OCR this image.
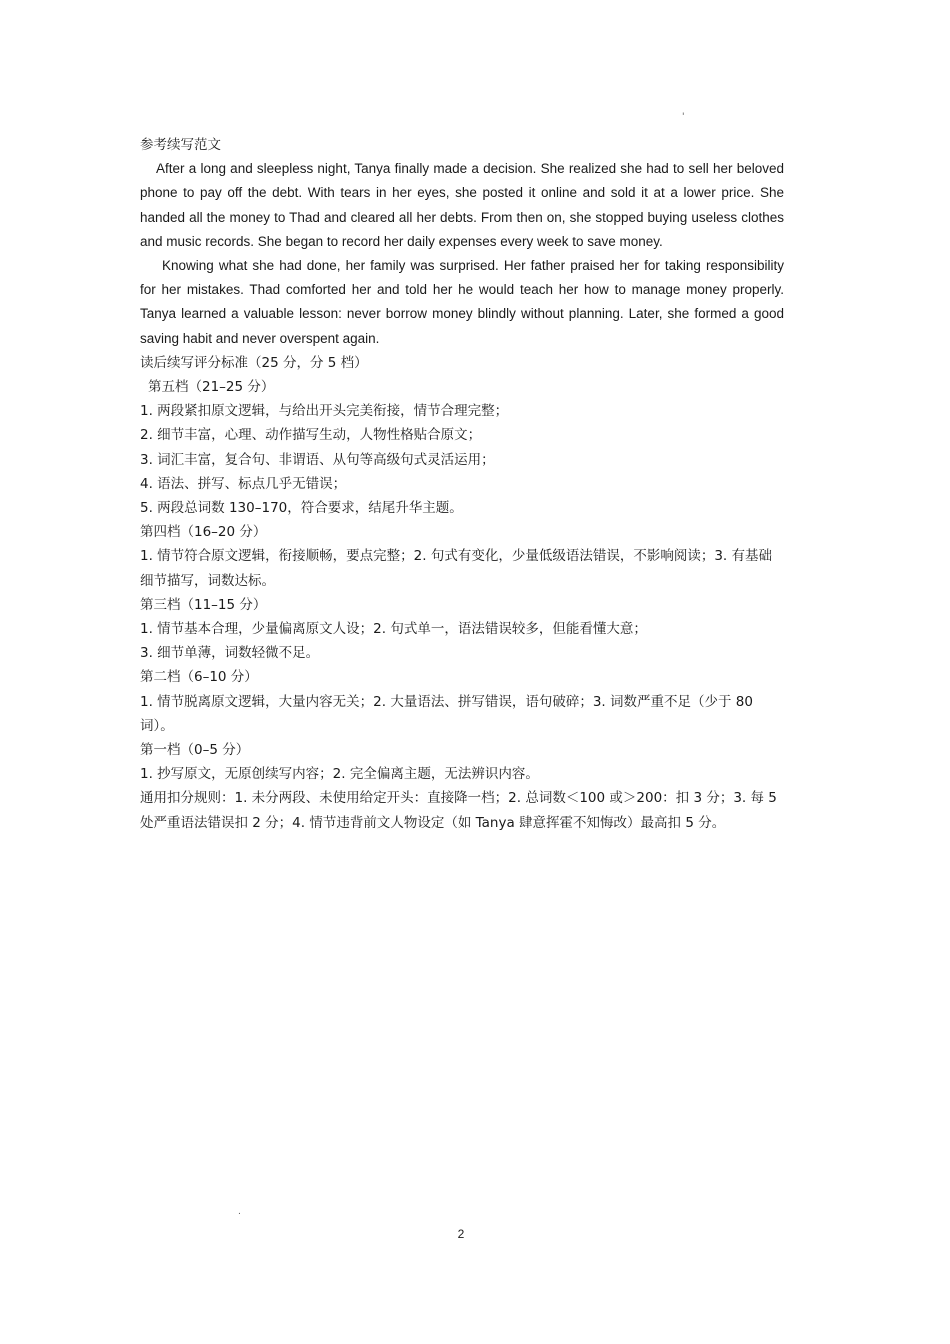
'

参考续写范文

After a long and sleepless night, Tanya finally made a decision. She realized she had to sell her beloved phone to pay off the debt. With tears in her eyes, she posted it online and sold it at a lower price. She handed all the money to Thad and cleared all her debts. From then on, she stopped buying useless clothes and music records. She began to record her daily expenses every week to save money.

Knowing what she had done, her family was surprised. Her father praised her for taking responsibility for her mistakes. Thad comforted her and told her he would teach her how to manage money properly. Tanya learned a valuable lesson: never borrow money blindly without planning. Later, she formed a good saving habit and never overspent again.

读后续写评分标准（25 分，分 5 档）

第五档（21–25 分）

1. 两段紧扣原文逻辑，与给出开头完美衔接，情节合理完整；

2. 细节丰富，心理、动作描写生动，人物性格贴合原文；

3. 词汇丰富，复合句、非谓语、从句等高级句式灵活运用；

4. 语法、拼写、标点几乎无错误；

5. 两段总词数 130–170，符合要求，结尾升华主题。

第四档（16–20 分）

1. 情节符合原文逻辑，衔接顺畅，要点完整；2. 句式有变化，少量低级语法错误，不影响阅读；3. 有基础细节描写，词数达标。

第三档（11–15 分）

1. 情节基本合理，少量偏离原文人设；2. 句式单一，语法错误较多，但能看懂大意；

3. 细节单薄，词数轻微不足。

第二档（6–10 分）

1. 情节脱离原文逻辑，大量内容无关；2. 大量语法、拼写错误，语句破碎；3. 词数严重不足（少于 80 词）。

第一档（0–5 分）

1. 抄写原文，无原创续写内容；2. 完全偏离主题，无法辨识内容。

通用扣分规则：1. 未分两段、未使用给定开头：直接降一档；2. 总词数＜100 或＞200：扣 3 分；3. 每 5 处严重语法错误扣 2 分；4. 情节违背前文人物设定（如 Tanya 肆意挥霍不知悔改）最高扣 5 分。

.
2
